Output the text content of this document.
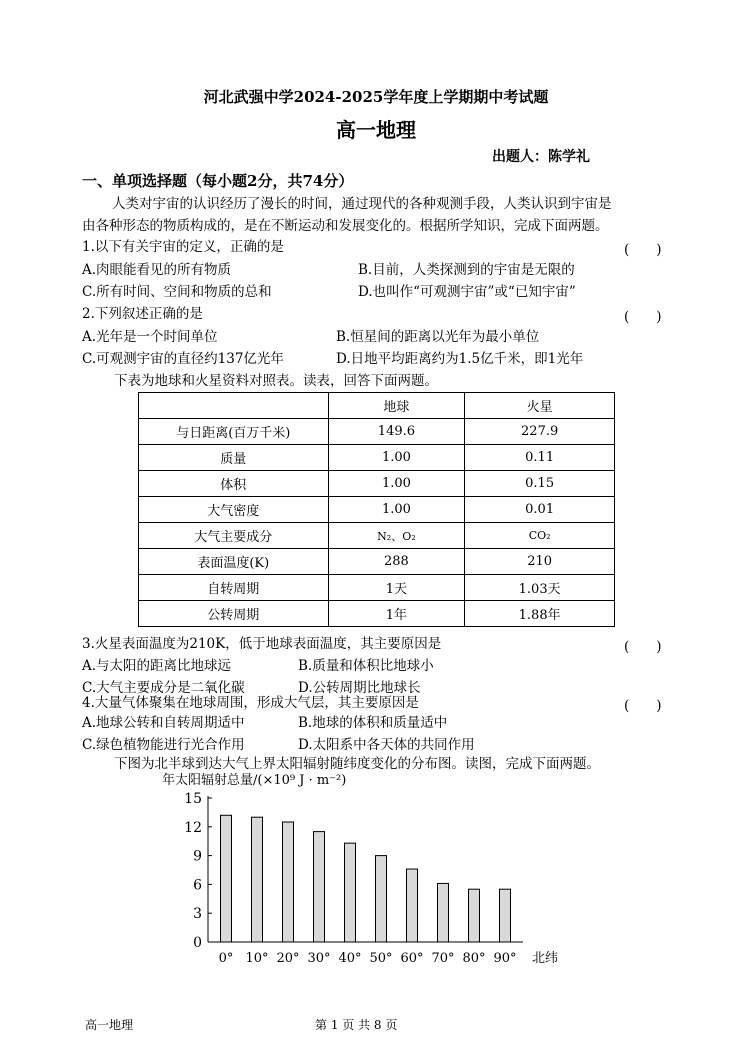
河北武强中学2024-2025学年度上学期期中考试题
高一地理
出题人：陈学礼
一、单项选择题（每小题2分，共74分）
人类对宇宙的认识经历了漫长的时间，通过现代的各种观测手段，人类认识到宇宙是
由各种形态的物质构成的，是在不断运动和发展变化的。根据所学知识，完成下面两题。
1.以下有关宇宙的定义，正确的是	(　　)
A.肉眼能看见的所有物质	B.目前，人类探测到的宇宙是无限的
C.所有时间、空间和物质的总和	D.也叫作“可观测宇宙”或“已知宇宙”
2.下列叙述正确的是	(　　)
A.光年是一个时间单位	B.恒星间的距离以光年为最小单位
C.可观测宇宙的直径约137亿光年	D.日地平均距离约为1.5亿千米，即1光年
下表为地球和火星资料对照表。读表，回答下面两题。
	地球	火星
与日距离(百万千米)	149.6	227.9
质量	1.00	0.11
体积	1.00	0.15
大气密度	1.00	0.01
大气主要成分	N₂、O₂	CO₂
表面温度(K)	288	210
自转周期	1天	1.03天
公转周期	1年	1.88年
3.火星表面温度为210K，低于地球表面温度，其主要原因是	(　　)
A.与太阳的距离比地球远	B.质量和体积比地球小
C.大气主要成分是二氧化碳	D.公转周期比地球长
4.大量气体聚集在地球周围，形成大气层，其主要原因是	(　　)
A.地球公转和自转周期适中	B.地球的体积和质量适中
C.绿色植物能进行光合作用	D.太阳系中各天体的共同作用
下图为北半球到达大气上界太阳辐射随纬度变化的分布图。读图，完成下面两题。
年太阳辐射总量/(×10⁹ J · m⁻²)
0
3
6
9
12
15
0° 10° 20° 30° 40° 50° 60° 70° 80° 90° 北纬
高一地理	第 1 页 共 8 页
